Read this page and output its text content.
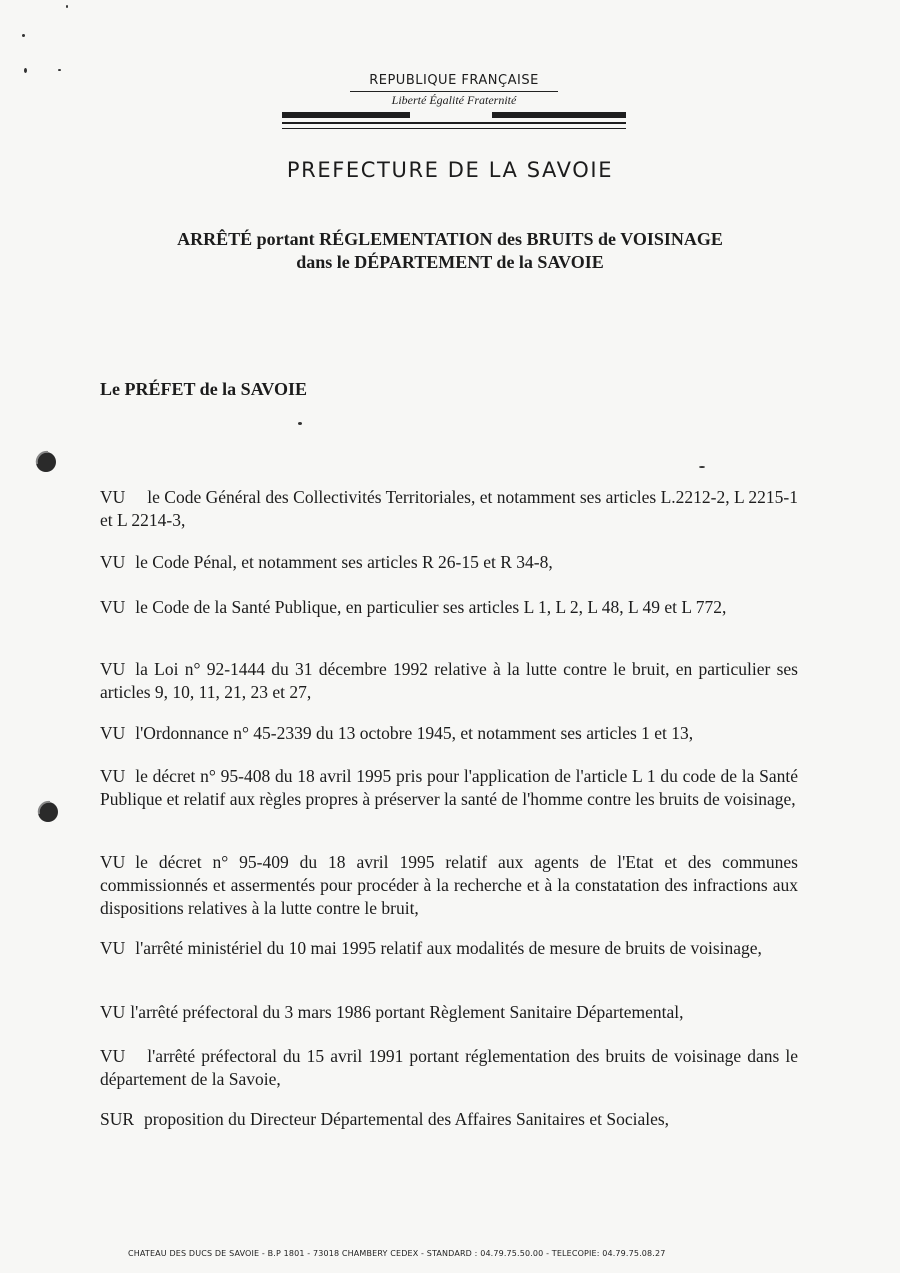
REPUBLIQUE FRANÇAISE
Liberté Égalité Fraternité
PREFECTURE DE LA SAVOIE
ARRÊTÉ portant RÉGLEMENTATION des BRUITS de VOISINAGE
dans le DÉPARTEMENT de la SAVOIE
Le PRÉFET de la SAVOIE
VU le Code Général des Collectivités Territoriales, et notamment ses articles L.2212-2, L 2215-1 et L 2214-3,
VU le Code Pénal, et notamment ses articles R 26-15 et R 34-8,
VU le Code de la Santé Publique, en particulier ses articles L 1, L 2, L 48, L 49 et L 772,
VU la Loi n° 92-1444 du 31 décembre 1992 relative à la lutte contre le bruit, en particulier ses articles 9, 10, 11, 21, 23 et 27,
VU l'Ordonnance n° 45-2339 du 13 octobre 1945, et notamment ses articles 1 et 13,
VU le décret n° 95-408 du 18 avril 1995 pris pour l'application de l'article L 1 du code de la Santé Publique et relatif aux règles propres à préserver la santé de l'homme contre les bruits de voisinage,
VU le décret n° 95-409 du 18 avril 1995 relatif aux agents de l'Etat et des communes commissionnés et assermentés pour procéder à la recherche et à la constatation des infractions aux dispositions relatives à la lutte contre le bruit,
VU l'arrêté ministériel du 10 mai 1995 relatif aux modalités de mesure de bruits de voisinage,
VU l'arrêté préfectoral du 3 mars 1986 portant Règlement Sanitaire Départemental,
VU l'arrêté préfectoral du 15 avril 1991 portant réglementation des bruits de voisinage dans le département de la Savoie,
SUR proposition du Directeur Départemental des Affaires Sanitaires et Sociales,
CHATEAU DES DUCS DE SAVOIE - B.P 1801 - 73018 CHAMBERY CEDEX - STANDARD : 04.79.75.50.00 - TELECOPIE: 04.79.75.08.27
